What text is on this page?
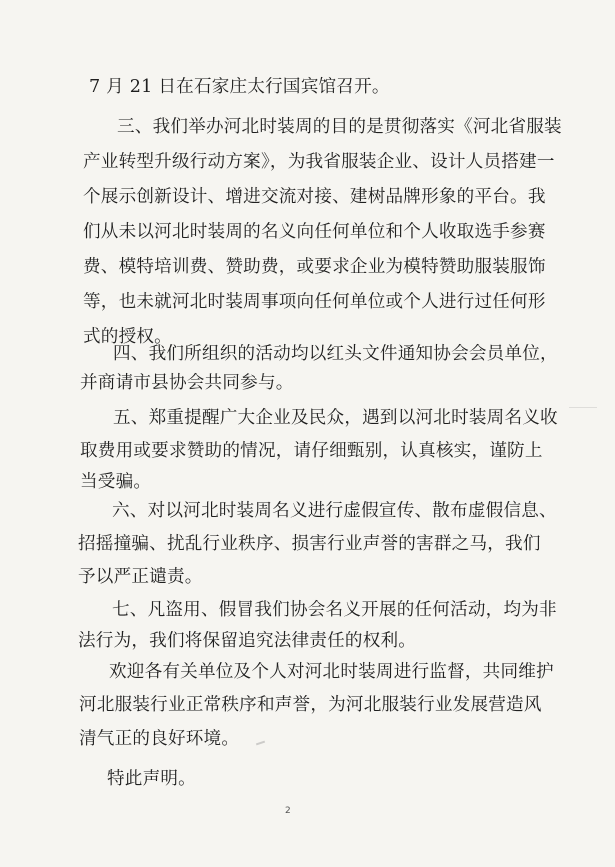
7 月 21 日在石家庄太行国宾馆召开。
三、我们举办河北时装周的目的是贯彻落实《河北省服装
产业转型升级行动方案》，为我省服装企业、设计人员搭建一
个展示创新设计、增进交流对接、建树品牌形象的平台。我
们从未以河北时装周的名义向任何单位和个人收取选手参赛
费、模特培训费、赞助费，或要求企业为模特赞助服装服饰
等，也未就河北时装周事项向任何单位或个人进行过任何形
式的授权。
四、我们所组织的活动均以红头文件通知协会会员单位，
并商请市县协会共同参与。
五、郑重提醒广大企业及民众，遇到以河北时装周名义收
取费用或要求赞助的情况，请仔细甄别，认真核实，谨防上
当受骗。
六、对以河北时装周名义进行虚假宣传、散布虚假信息、
招摇撞骗、扰乱行业秩序、损害行业声誉的害群之马，我们
予以严正谴责。
七、凡盗用、假冒我们协会名义开展的任何活动，均为非
法行为，我们将保留追究法律责任的权利。
欢迎各有关单位及个人对河北时装周进行监督，共同维护
河北服装行业正常秩序和声誉，为河北服装行业发展营造风
清气正的良好环境。
特此声明。
2
